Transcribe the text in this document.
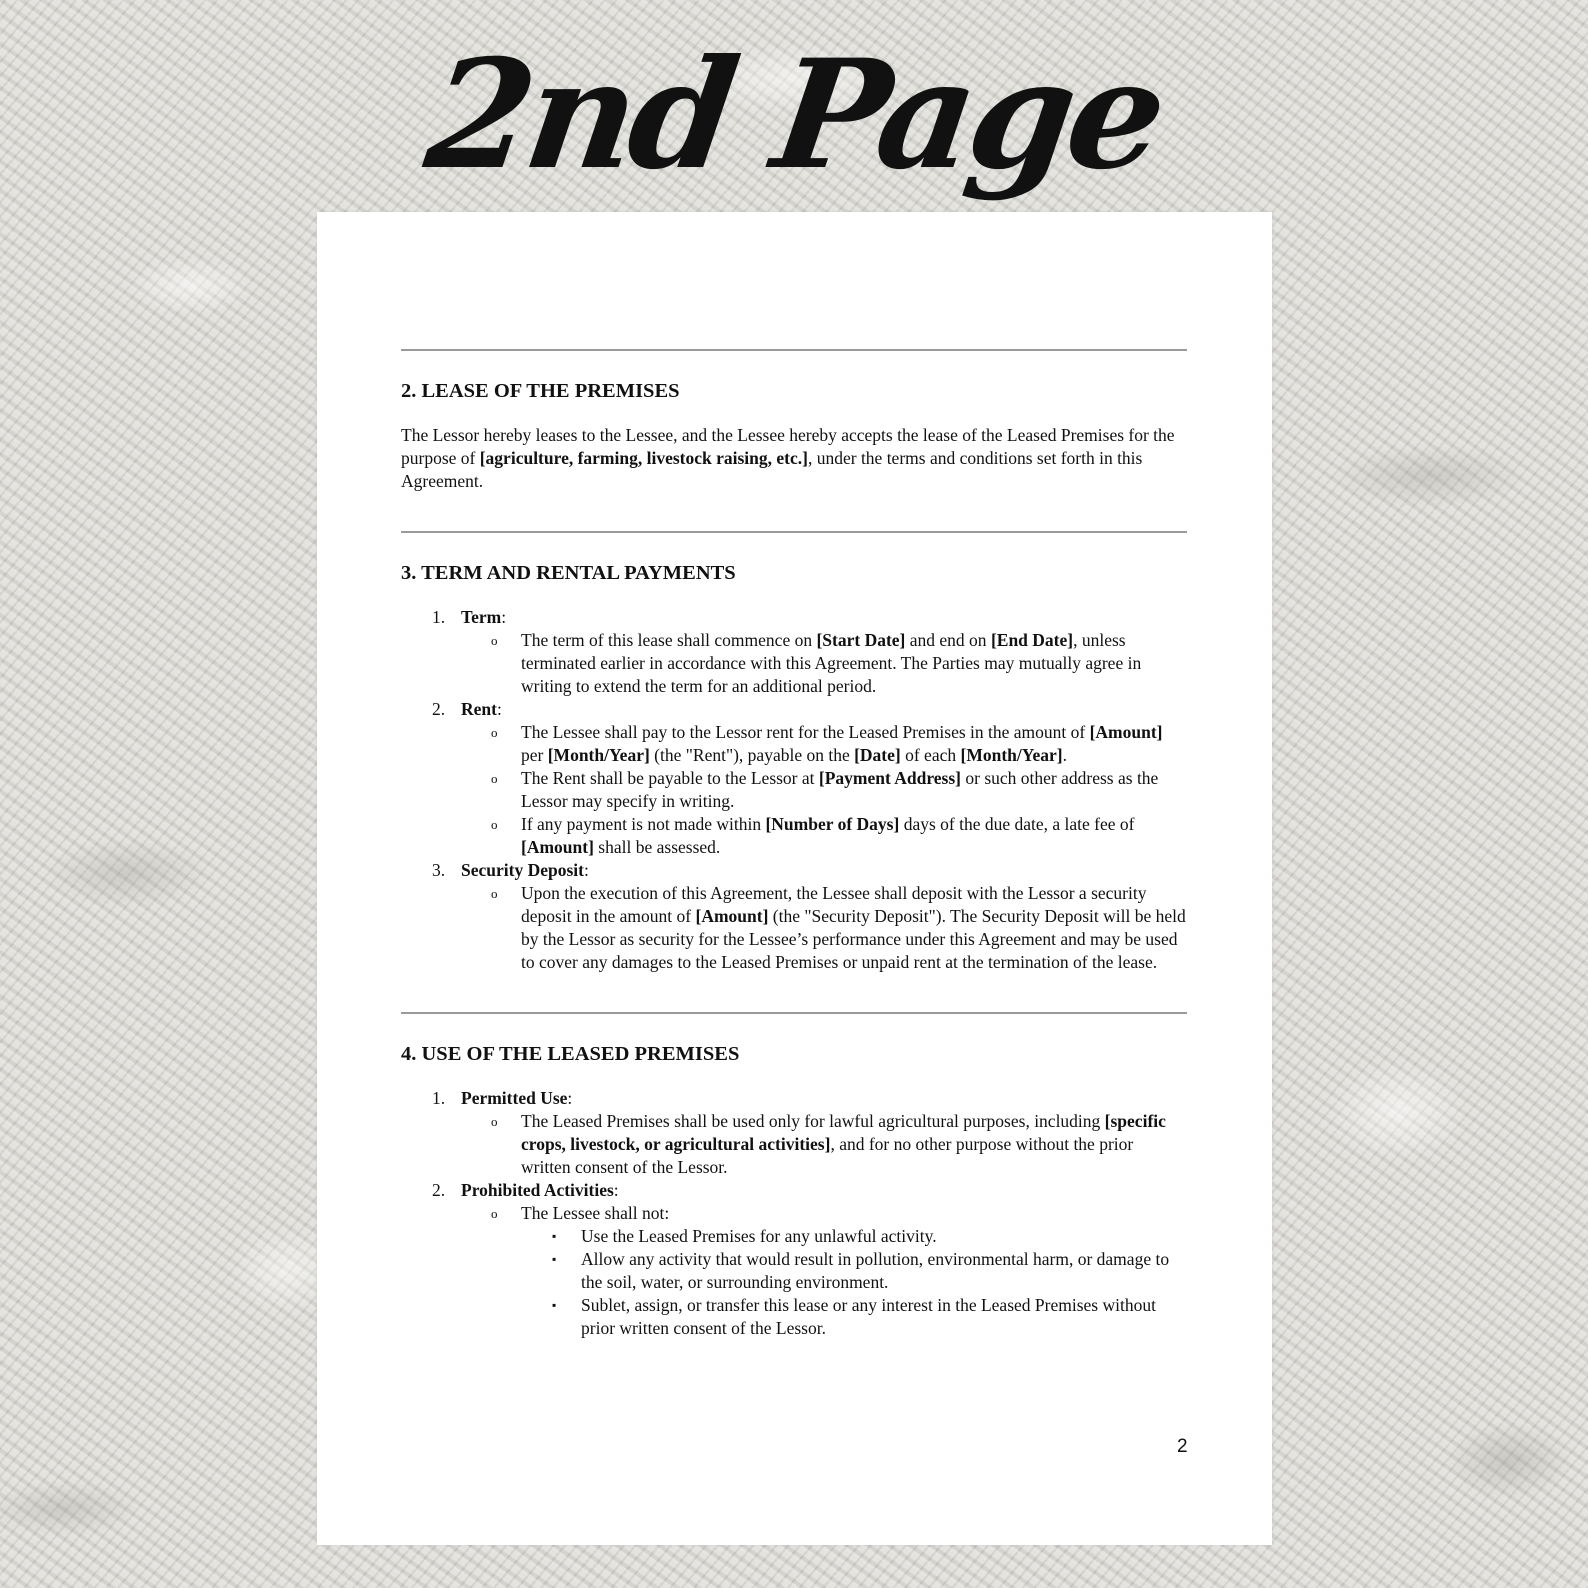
2nd Page
2. LEASE OF THE PREMISES
The Lessor hereby leases to the Lessee, and the Lessee hereby accepts the lease of the Leased Premises for the purpose of [agriculture, farming, livestock raising, etc.], under the terms and conditions set forth in this Agreement.
3. TERM AND RENTAL PAYMENTS
1. Term:
o The term of this lease shall commence on [Start Date] and end on [End Date], unless terminated earlier in accordance with this Agreement. The Parties may mutually agree in writing to extend the term for an additional period.
2. Rent:
o The Lessee shall pay to the Lessor rent for the Leased Premises in the amount of [Amount] per [Month/Year] (the "Rent"), payable on the [Date] of each [Month/Year].
o The Rent shall be payable to the Lessor at [Payment Address] or such other address as the Lessor may specify in writing.
o If any payment is not made within [Number of Days] days of the due date, a late fee of [Amount] shall be assessed.
3. Security Deposit:
o Upon the execution of this Agreement, the Lessee shall deposit with the Lessor a security deposit in the amount of [Amount] (the "Security Deposit"). The Security Deposit will be held by the Lessor as security for the Lessee’s performance under this Agreement and may be used to cover any damages to the Leased Premises or unpaid rent at the termination of the lease.
4. USE OF THE LEASED PREMISES
1. Permitted Use:
o The Leased Premises shall be used only for lawful agricultural purposes, including [specific crops, livestock, or agricultural activities], and for no other purpose without the prior written consent of the Lessor.
2. Prohibited Activities:
o The Lessee shall not:
▪ Use the Leased Premises for any unlawful activity.
▪ Allow any activity that would result in pollution, environmental harm, or damage to the soil, water, or surrounding environment.
▪ Sublet, assign, or transfer this lease or any interest in the Leased Premises without prior written consent of the Lessor.
2
